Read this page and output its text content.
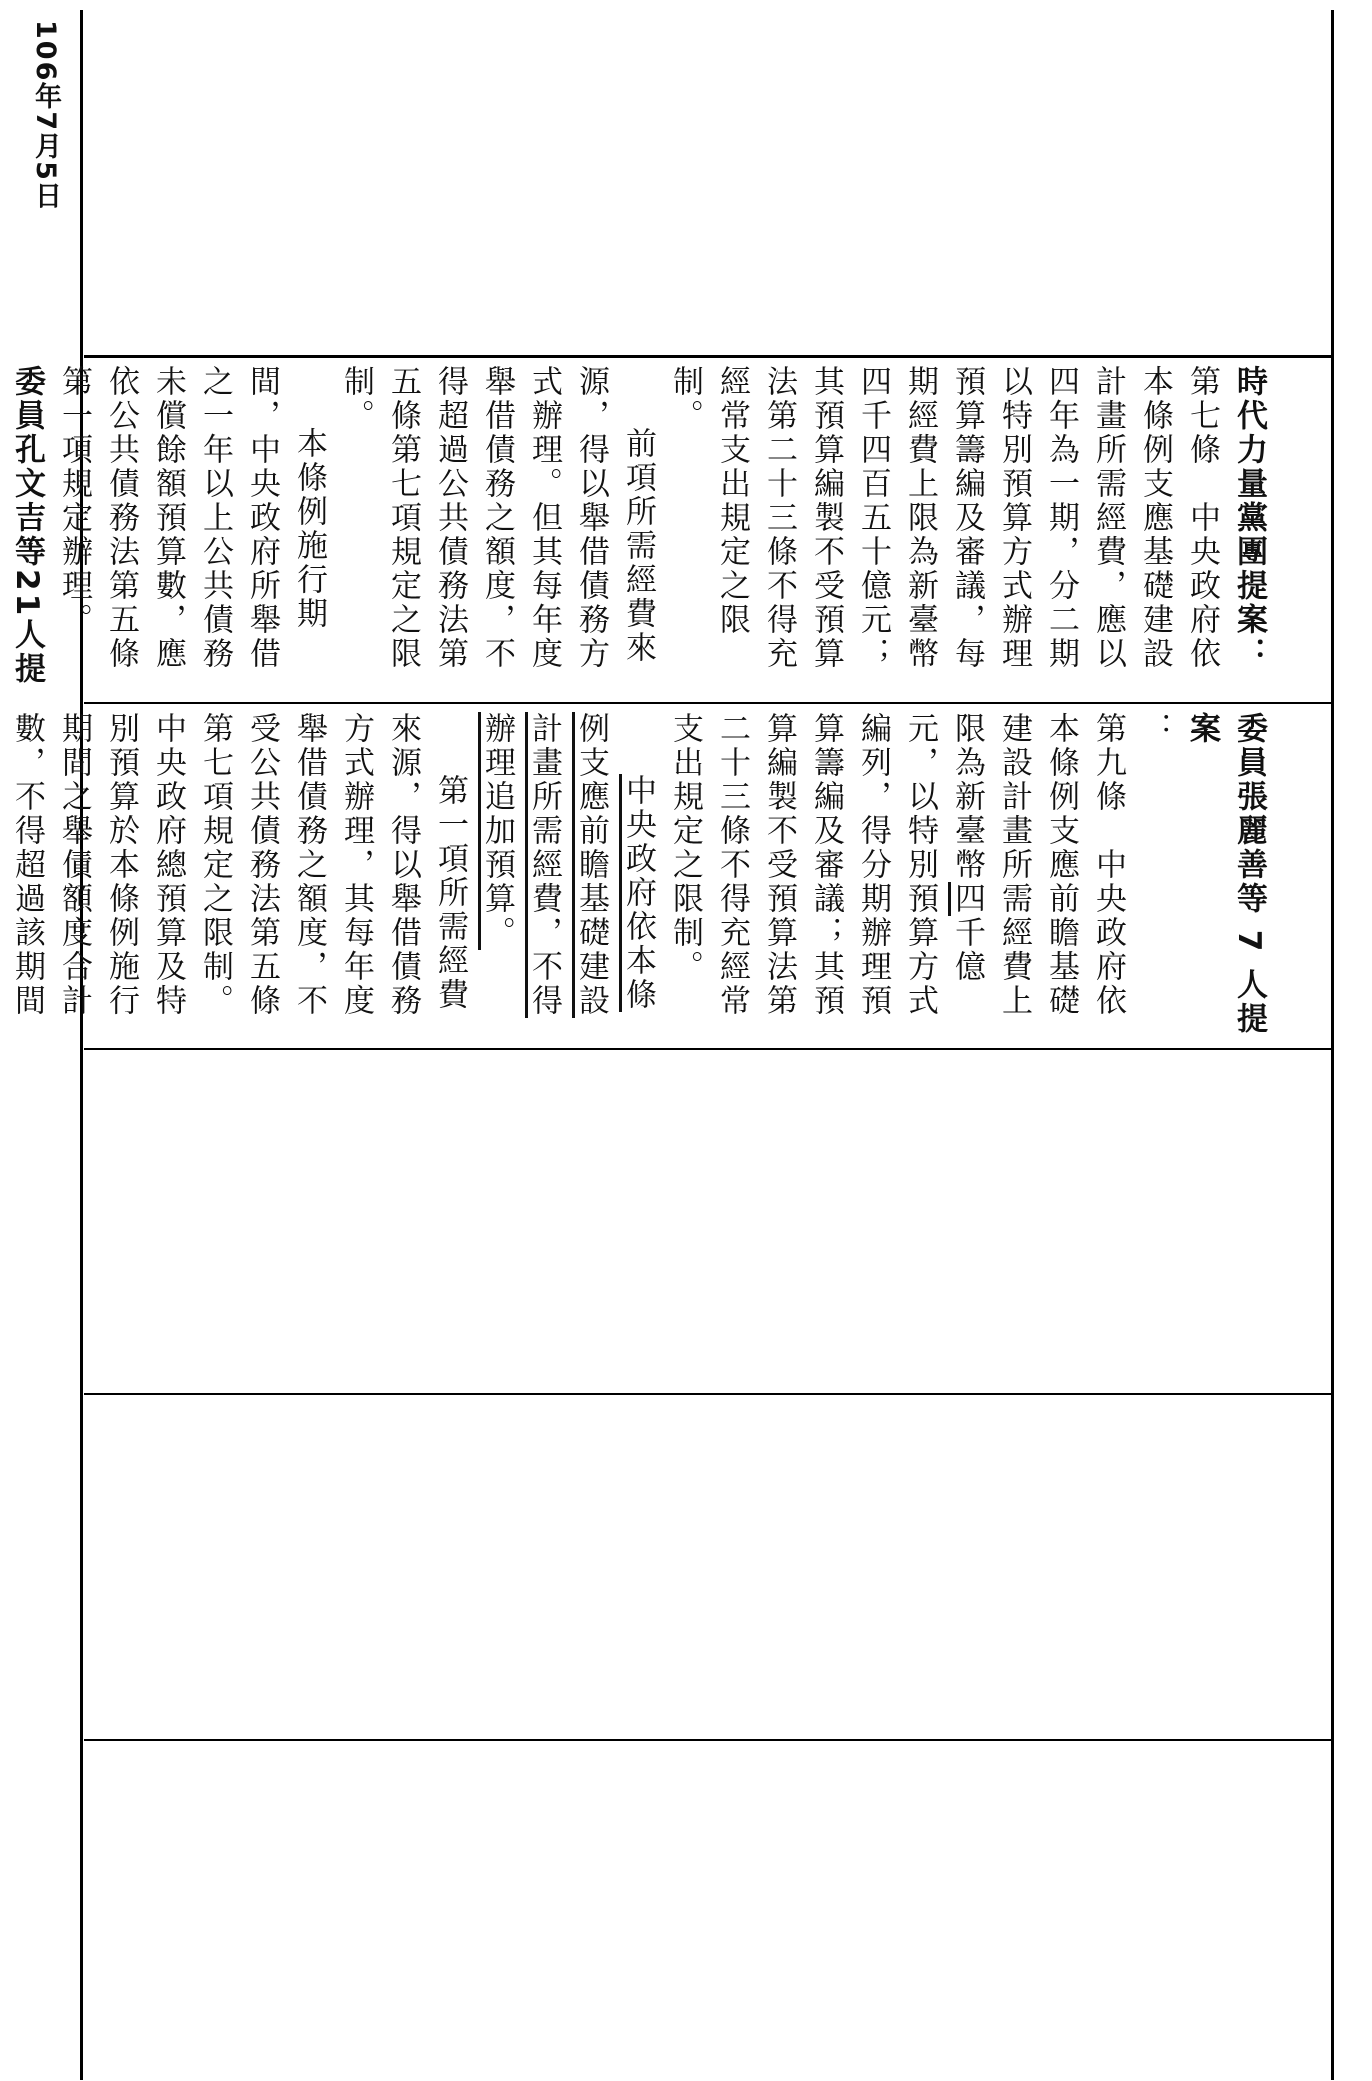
106年7月5日
時代力量黨團提案：

第七條　中央政府依本條例支應基礎建設計畫所需經費，應以四年為一期，分二期以特別預算方式辦理預算籌編及審議，每期經費上限為新臺幣四千四百五十億元；其預算編製不受預算法第二十三條不得充經常支出規定之限制。

前項所需經費來源，得以舉借債務方式辦理。但其每年度舉借債務之額度，不得超過公共債務法第五條第七項規定之限制。

本條例施行期間，中央政府所舉借之一年以上公共債務未償餘額預算數，應依公共債務法第五條第一項規定辦理。

委員孔文吉等21人提

委員張麗善等 7 人提案

：

第九條　中央政府依本條例支應前瞻基礎建設計畫所需經費上限為新臺幣四千億元，以特別預算方式編列，得分期辦理預算籌編及審議；其預算編製不受預算法第二十三條不得充經常支出規定之限制。

中央政府依本條例支應前瞻基礎建設計畫所需經費，不得辦理追加預算。

第一項所需經費來源，得以舉借債務方式辦理，其每年度舉借債務之額度，不受公共債務法第五條第七項規定之限制。

中央政府總預算及特別預算於本條例施行期間之舉債額度合計數，不得超過該期間
